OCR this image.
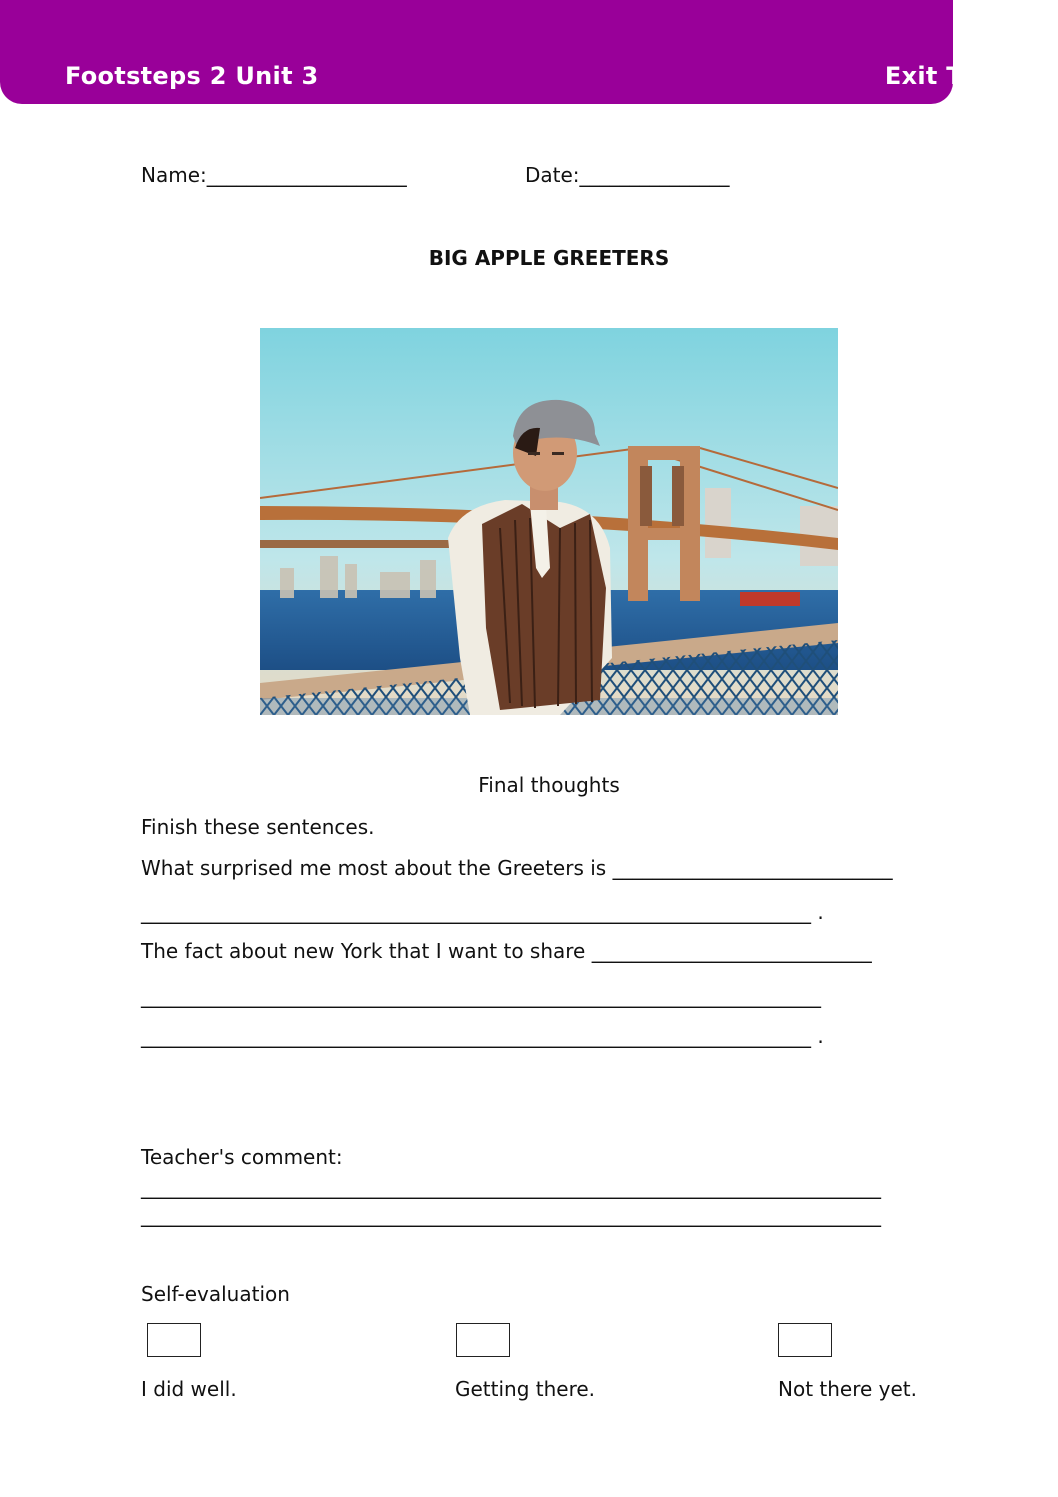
Footsteps 2 Unit 3	Exit Ticket
Name:____________________	Date:_______________
BIG APPLE GREETERS
Final thoughts
Finish these sentences.
What surprised me most about the Greeters is ____________________________
___________________________________________________________________ .
The fact about new York that I want to share ____________________________
____________________________________________________________________
___________________________________________________________________ .
Teacher's comment:
__________________________________________________________________________
__________________________________________________________________________
Self-evaluation
I did well.	Getting there.	Not there yet.
